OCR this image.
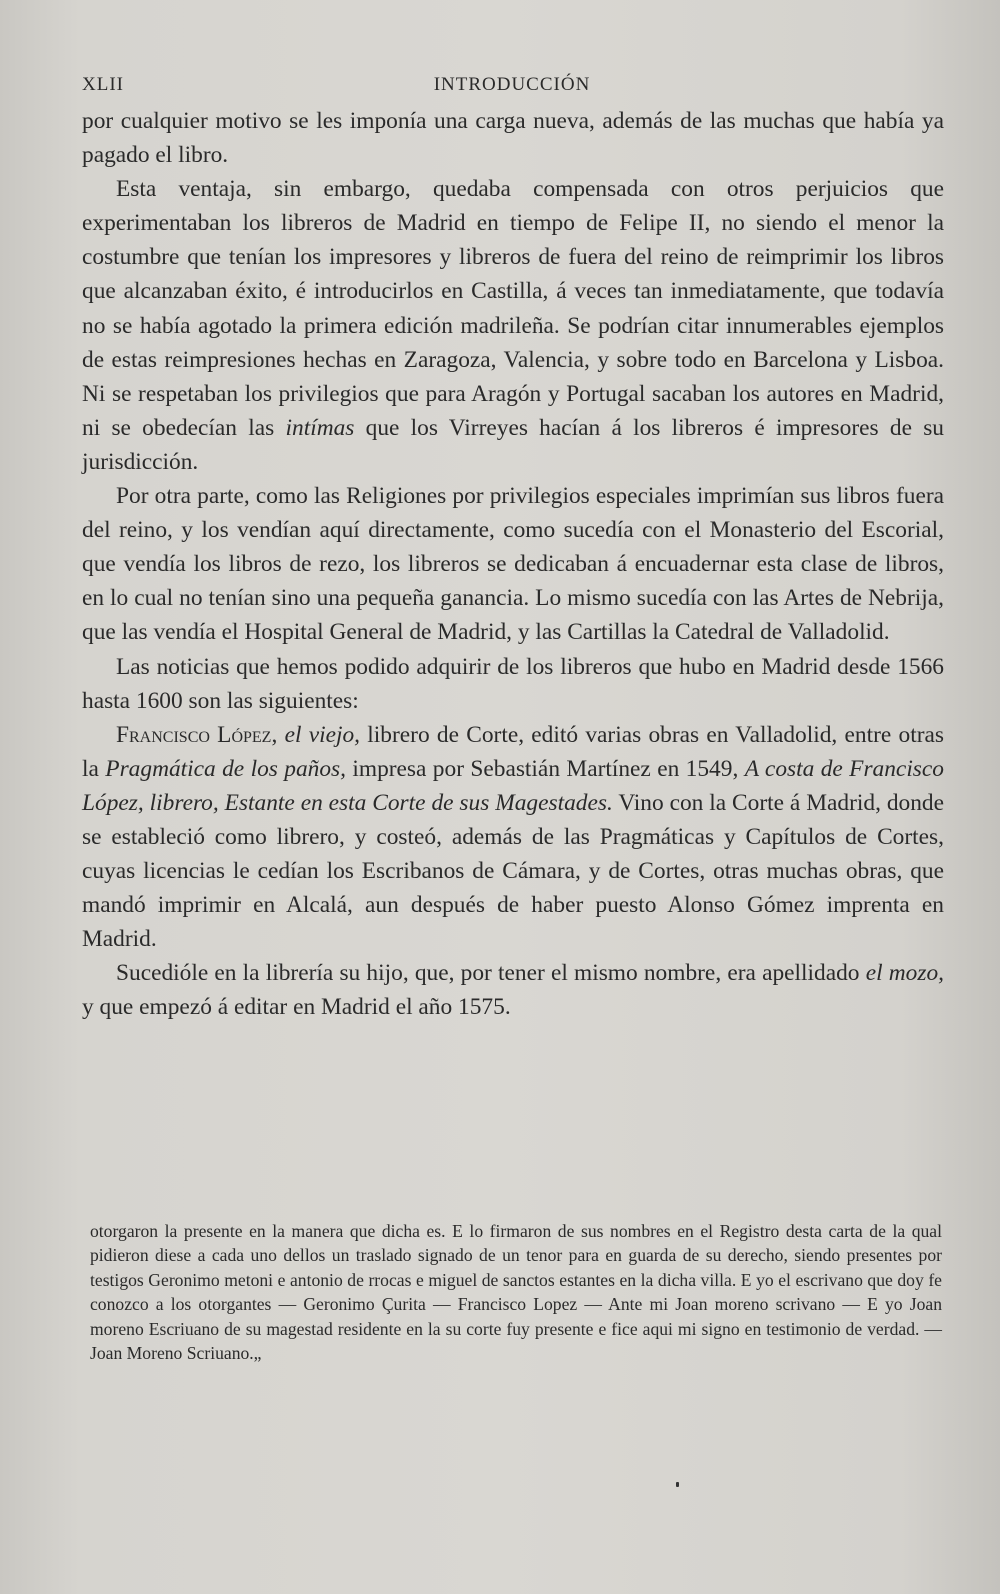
XLII	INTRODUCCIÓN

por cualquier motivo se les imponía una carga nueva, además de las muchas que había ya pagado el libro.

Esta ventaja, sin embargo, quedaba compensada con otros perjuicios que experimentaban los libreros de Madrid en tiempo de Felipe II, no siendo el menor la costumbre que tenían los impresores y libreros de fuera del reino de reimprimir los libros que alcanzaban éxito, é introducirlos en Castilla, á veces tan inmediatamente, que todavía no se había agotado la primera edición madrileña. Se podrían citar innumerables ejemplos de estas reimpresiones hechas en Zaragoza, Valencia, y sobre todo en Barcelona y Lisboa. Ni se respetaban los privilegios que para Aragón y Portugal sacaban los autores en Madrid, ni se obedecían las intímas que los Virreyes hacían á los libreros é impresores de su jurisdicción.

Por otra parte, como las Religiones por privilegios especiales imprimían sus libros fuera del reino, y los vendían aquí directamente, como sucedía con el Monasterio del Escorial, que vendía los libros de rezo, los libreros se dedicaban á encuadernar esta clase de libros, en lo cual no tenían sino una pequeña ganancia. Lo mismo sucedía con las Artes de Nebrija, que las vendía el Hospital General de Madrid, y las Cartillas la Catedral de Valladolid.

Las noticias que hemos podido adquirir de los libreros que hubo en Madrid desde 1566 hasta 1600 son las siguientes:

Francisco López, el viejo, librero de Corte, editó varias obras en Valladolid, entre otras la Pragmática de los paños, impresa por Sebastián Martínez en 1549, A costa de Francisco López, librero, Estante en esta Corte de sus Magestades. Vino con la Corte á Madrid, donde se estableció como librero, y costeó, además de las Pragmáticas y Capítulos de Cortes, cuyas licencias le cedían los Escribanos de Cámara, y de Cortes, otras muchas obras, que mandó imprimir en Alcalá, aun después de haber puesto Alonso Gómez imprenta en Madrid.

Sucedióle en la librería su hijo, que, por tener el mismo nombre, era apellidado el mozo, y que empezó á editar en Madrid el año 1575.

otorgaron la presente en la manera que dicha es. E lo firmaron de sus nombres en el Registro desta carta de la qual pidieron diese a cada uno dellos un traslado signado de un tenor para en guarda de su derecho, siendo presentes por testigos Geronimo metoni e antonio de rrocas e miguel de sanctos estantes en la dicha villa. E yo el escrivano que doy fe conozco a los otorgantes — Geronimo Çurita — Francisco Lopez — Ante mi Joan moreno scrivano — E yo Joan moreno Escriuano de su magestad residente en la su corte fuy presente e fice aqui mi signo en testimonio de verdad. — Joan Moreno Scriuano.„
